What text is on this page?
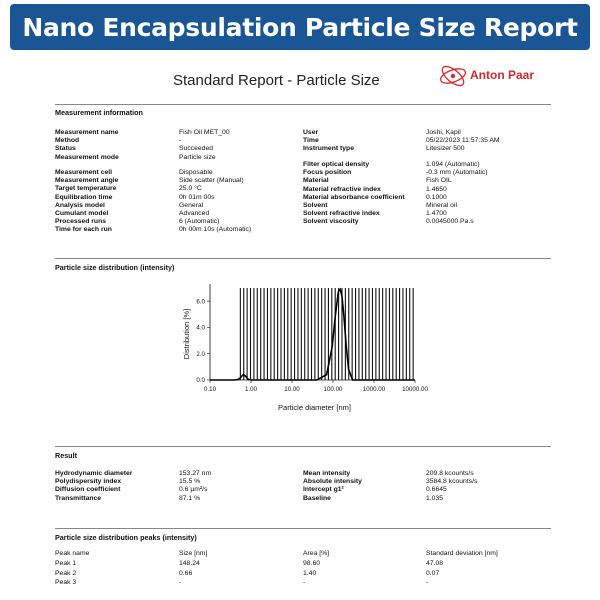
Nano Encapsulation Particle Size Report
Standard Report - Particle Size	Anton Paar
Measurement information
Measurement name	Fish Oil MET_00
Method	-
Status	Succeeded
Measurement mode	Particle size
Measurement cell	Disposable
Measurement angle	Side scatter (Manual)
Target temperature	25.0 °C
Equilibration time	0h 01m 00s
Analysis model	General
Cumulant model	Advanced
Processed runs	6 (Automatic)
Time for each run	0h 00m 10s (Automatic)
User	Joshi, Kapil
Time	05/22/2023 11:57:35 AM
Instrument type	Litesizer 500
Filter optical density	1.094 (Automatic)
Focus position	-0.3 mm (Automatic)
Material	Fish OIL
Material refractive index	1.4650
Material absorbance coefficient	0.1000
Solvent	Mineral oil
Solvent refractive index	1.4700
Solvent viscosity	0.0045000 Pa.s
Particle size distribution (intensity)
0.0
2.0
4.0
6.0
0.10	1.00	10.00	100.00	1000.00	10000.00
Particle diameter [nm]
Distribution [%]
Result
Hydrodynamic diameter	153.27 nm
Polydispersity index	15.5 %
Diffusion coefficient	0.6 μm²/s
Transmittance	87.1 %
Mean intensity	209.8 kcounts/s
Absolute intensity	3584.8 kcounts/s
Intercept g1²	0.6645
Baseline	1.035
Particle size distribution peaks (intensity)
Peak name	Size [nm]	Area [%]	Standard deviation [nm]
Peak 1	148.24	98.60	47.08
Peak 2	0.66	1.40	0.07
Peak 3	-	-	-
